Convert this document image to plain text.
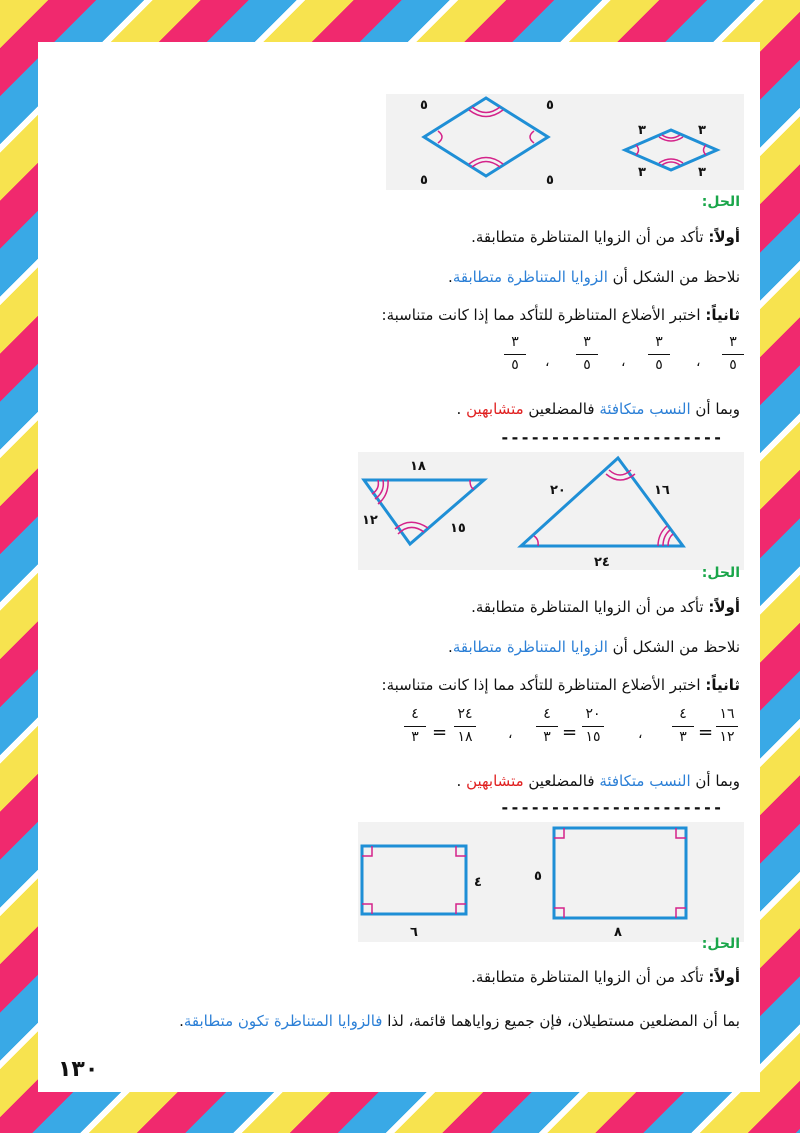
٦
٥	٥
٥	٥
٣	٣
٣	٣
الحل:
أولاً: تأكد من أن الزوايا المتناظرة متطابقة.
نلاحظ من الشكل أن الزوايا المتناظرة متطابقة.
ثانياً: اختبر الأضلاع المتناظرة للتأكد مما إذا كانت متناسبة:
٣
٥
،
٣
٥
،
٣
٥
،
٣
٥
وبما أن النسب متكافئة فالمضلعين متشابهين .
----------------------
٧
١٨
١٢
١٥
٢٠	١٦
٢٤
الحل:
أولاً: تأكد من أن الزوايا المتناظرة متطابقة.
نلاحظ من الشكل أن الزوايا المتناظرة متطابقة.
ثانياً: اختبر الأضلاع المتناظرة للتأكد مما إذا كانت متناسبة:
١٦
١٢
=
٤
٣
،
٢٠
١٥
=
٤
٣
،
٢٤
١٨
=
٤
٣
وبما أن النسب متكافئة فالمضلعين متشابهين .
----------------------
٨
٥
٨
٤
٦
الحل:
أولاً: تأكد من أن الزوايا المتناظرة متطابقة.
بما أن المضلعين مستطيلان، فإن جميع زواياهما قائمة، لذا فالزوايا المتناظرة تكون متطابقة.
١٣٠
